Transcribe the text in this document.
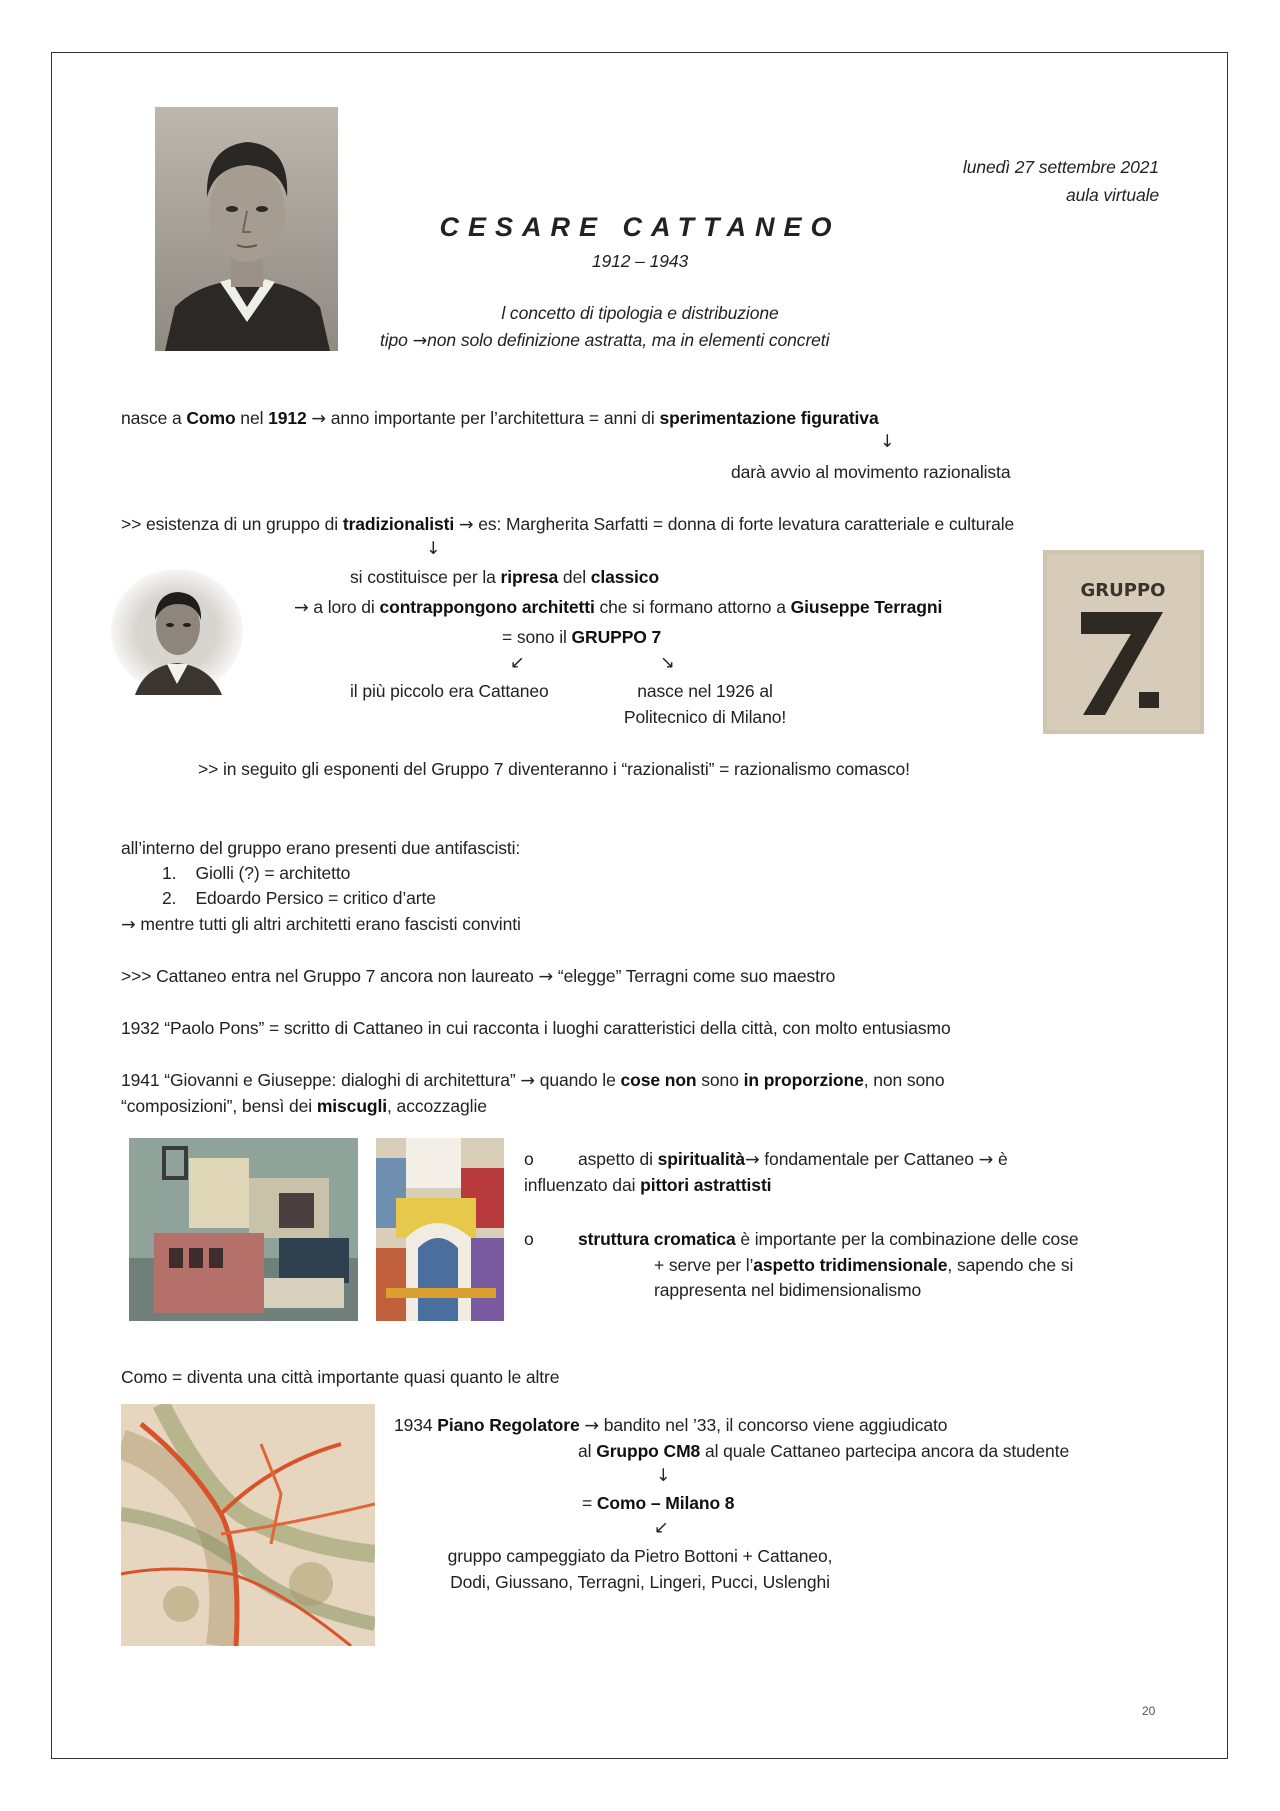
lunedì 27 settembre 2021
aula virtuale
CESARE CATTANEO
1912 – 1943
l concetto di tipologia e distribuzione
tipo →non solo definizione astratta, ma in elementi concreti
nasce a Como nel 1912 → anno importante per l’architettura = anni di sperimentazione figurativa
↓
darà avvio al movimento razionalista
>> esistenza di un gruppo di tradizionalisti → es: Margherita Sarfatti = donna di forte levatura caratteriale e culturale
↓
si costituisce per la ripresa del classico
→ a loro di contrappongono architetti che si formano attorno a Giuseppe Terragni
= sono il GRUPPO 7
↙	↘
il più piccolo era Cattaneo	nasce nel 1926 al
Politecnico di Milano!
>> in seguito gli esponenti del Gruppo 7 diventeranno i “razionalisti” = razionalismo comasco!
GRUPPO
all’interno del gruppo erano presenti due antifascisti:
1. Giolli (?) = architetto
2. Edoardo Persico = critico d’arte
→ mentre tutti gli altri architetti erano fascisti convinti
>>> Cattaneo entra nel Gruppo 7 ancora non laureato → “elegge” Terragni come suo maestro
1932 “Paolo Pons” = scritto di Cattaneo in cui racconta i luoghi caratteristici della città, con molto entusiasmo
1941 “Giovanni e Giuseppe: dialoghi di architettura” → quando le cose non sono in proporzione, non sono
“composizioni”, bensì dei miscugli, accozzaglie
o	aspetto di spiritualità→ fondamentale per Cattaneo → è
influenzato dai pittori astrattisti
o	struttura cromatica è importante per la combinazione delle cose
+ serve per l’aspetto tridimensionale, sapendo che si
rappresenta nel bidimensionalismo
Como = diventa una città importante quasi quanto le altre
1934 Piano Regolatore → bandito nel ’33, il concorso viene aggiudicato
al Gruppo CM8 al quale Cattaneo partecipa ancora da studente
↓
= Como – Milano 8
↙
gruppo campeggiato da Pietro Bottoni + Cattaneo,
Dodi, Giussano, Terragni, Lingeri, Pucci, Uslenghi
20
